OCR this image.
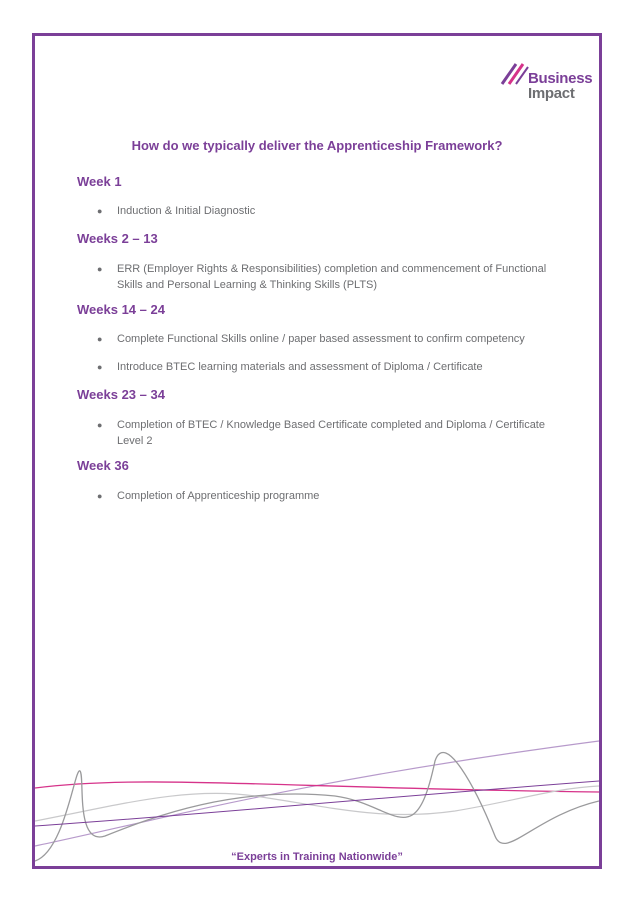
Business
Impact
How do we typically deliver the Apprenticeship Framework?
Week 1
● Induction & Initial Diagnostic
Weeks 2 – 13
● ERR (Employer Rights & Responsibilities) completion and commencement of Functional Skills and Personal Learning & Thinking Skills (PLTS)
Weeks 14 – 24
● Complete Functional Skills online / paper based assessment to confirm competency
● Introduce BTEC learning materials and assessment of Diploma / Certificate
Weeks 23 – 34
● Completion of BTEC / Knowledge Based Certificate completed and Diploma / Certificate Level 2
Week 36
● Completion of Apprenticeship programme
“Experts in Training Nationwide”
